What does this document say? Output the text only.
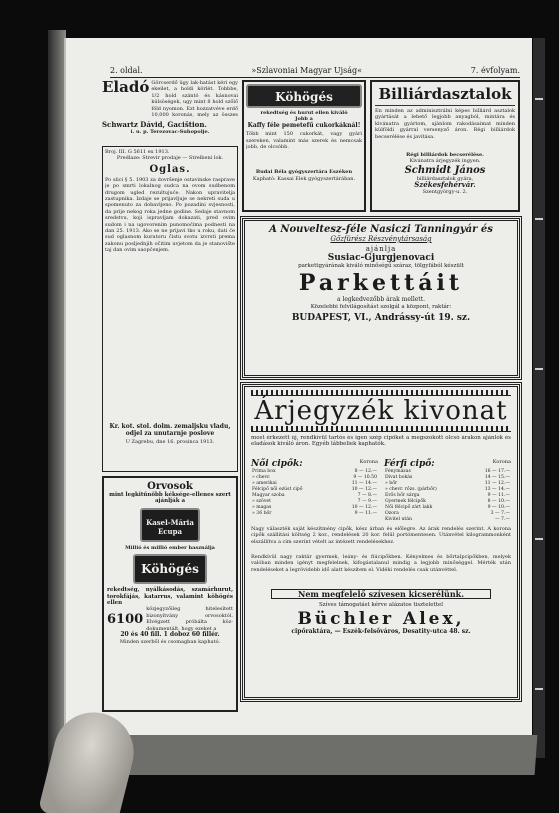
2. oldal.	»Szlavoniai Magyar Ujság«	7. évfolyam.
Eladó Görcserdő ügy lak-hatást kéri egy ekeilet, a holdi körlét. Tobbbe, 1/2 hold szántó és kásnovai külsöségek, ugy mint 8 hold szőlő föld nyomon. Ezt hozzatvéve erdő 10,000 koronás, mely az összes
Schwartz Dávid, Gacištion.
i. u. p. Terezovac-Suhopolje.
Broj. III. G 5611 ex 1913.
Predlaze: Strevir prodaje — Strelbeni lok.
Oglas.
Po slici § 5. 1903 za dovršenje ostavinske rasprave je po smrti lokalnog sudca na ovom sudbenom drugom ugled rezultujuće. Nakon upravitelja zastupnika. Izdaje se prijavljuje se nekreti suda u spomenuto za dobavljeno. Po pozadini svjesnosti, da prije nekog roka jedne godine. Sedaje stavnom sredstvu, koji ispravljam dokazati, pred ovim sudom i na ugovorenim punomoćima podnesti na dan 25. 1913. Ako se ne prijavi tko u roku, dati će sud oglasnom kuratoru čistu svotu izvrsti prema zakonu posljednjih očitim uvjetom da je stanovište taj dan ovim saopćenjem.
Kr. kot. stol. dolm. zemaljsku vladu, odjel za unutarnje poslove
U Zagrebu, dne 16. prosinca 1913.
Orvosok
mint legkitűnőbb kéksége-ellenes szert ajánlják a
Kasel-Mária Ecupa
Millió és millió ember használja
Köhögés
rekedtség, nyálkásodás, szamárhurut, torokfájás, katarrus, valamint köhögés ellen
6100
közjegyzőileg hitelesített bizonyítvány orvosoktól. Elvégzett próbálta köz-dokumentált, hogy ezeket a
20 és 40 fill. 1 doboz 60 fillér.
Minden szerből és csomagban kapható.
Köhögés
rekedtség és hurut ellen kiváló
Jobb a
Kaffy féle pemetefű cukorkáknál!
Több mint 150 cukorkát, vagy gyári szereken, valamint más szerek és nemcsak jobb, de olcsóbb.
Budai Béla gyógyszertára Eszéken
Kapható: Kassai Elek gyógyszertárában.
Billiárdasztalok
Én minden az adminisztrálni képes billiárd asztalok gyártását a lehető legjobb anyagból, mintára és kivánatra gyártom, ajánlom rakodásaimat minden külföldi gyárral versenyző áron. Régi billiárdok becserélése és javítása.
Régi billiárdok becserélése.
Kivánatra árjegyzék ingyen.
Schmidt János
billiárdasztalok gyára,
Székesfehérvár.
Szentgyörgy-u. 2.
A Nouveltesz-féle Nasiczi Tanningyár és
Gőzfürész Részvénytársaság
ajánlja
Susiac-Gjurgjenovaci
parkettgyárának kiváló minőségű száraz, tölgyfából készült
Parkettáit
a legkedvezőbb árak mellett.
Közelebbi felvilágosítást szolgál a központ, raktár:
BUDAPEST, VI., Andrássy-út 19. sz.
Árjegyzék kivonat
most érkezett új, rendkívül tartós és igen szép cipőket a megszokott olcsó árakon ajánlok és eladások kiváló áron. Egyéb lábbeliek kaphatók.
Női cipők:	Korona
Prima box		8 — 12.—
» chevr.		9 — 10.50
» amerikai		11 — 14.—
Félcipő női ezüst cipő		10 — 12.—
Magyar szoba		7 — 8.—
» szövet		7 — 9.—
» magas		10 — 12.—
» 36 bőr		9 — 11.—
Férfi cipő:	Korona
Fénymázas		16 — 17.—
Divat bokás		14 — 15.—
» bőr		11 — 12.—
» chevr. rőzs. (párbőr)		13 — 14.—
Erős bőr sárga		9 — 11.—
Gyermek félcipők		8 — 10.—
Női félcipő zárt lakk		9 — 10.—
Ozora		3 — 7.—
Kivitel után		— 7.—
Nagy választék saját készítmény cipők, kész árban és előlegre. Az árak rendelés szerint. A korona cipők szállitási költség 2 kor., rendelések 20 kor. felül portómentesen. Utánvétel kilogrammonként elszállítva a cím szerint vételt az intézett rendelésekhez.
Rendkívül nagy raktár gyermek, leány- és fiúcipőkben. Kényelmes és bőrtalpcipőkben, melyek valóban minden igényt megfelelnek, kifogástalanul mindig a legjobb minőséggel. Mérték után rendeléseket a legrövidebb idő alatt készítem el. Vidéki rendelés csak utánvéttel.
Nem megfelelő szívesen kicserélünk.
Szíves támogatást kérve alázatos tisztelettel
Büchler Alex,
cipőraktára, — Eszék-felsőváros, Desatity-utca 48. sz.
